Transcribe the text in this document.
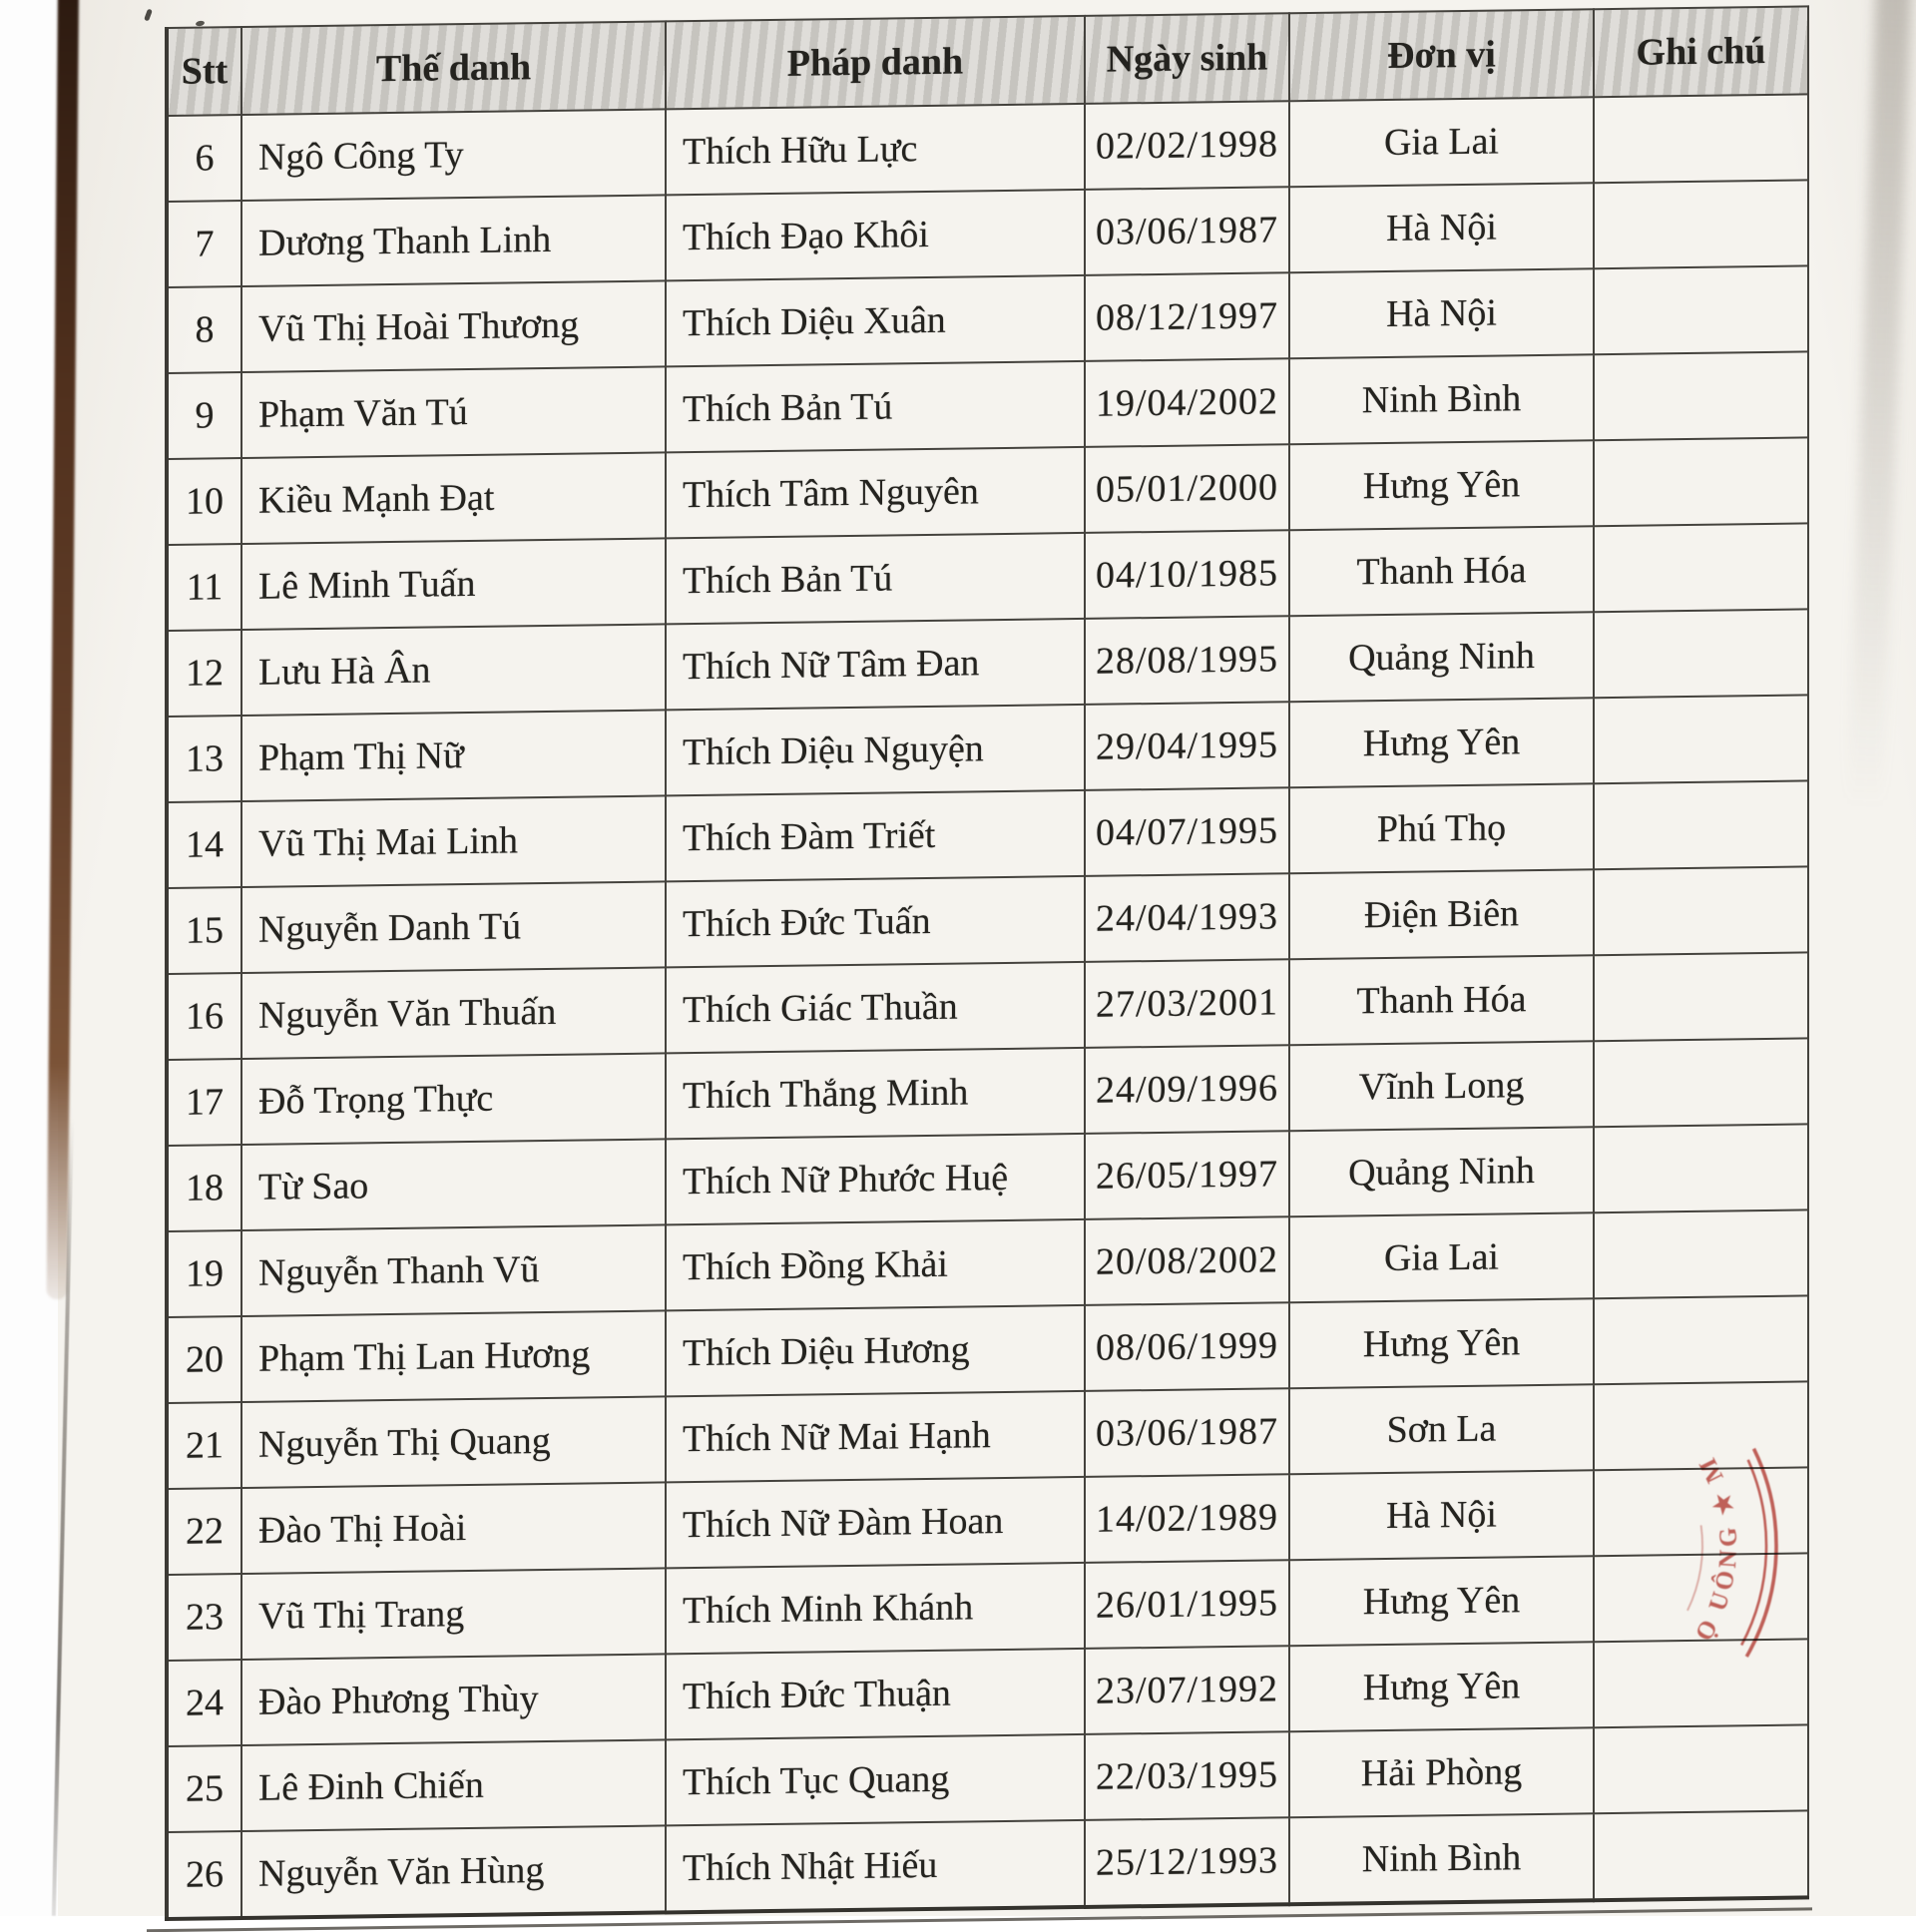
Stt	Thế danh	Pháp danh	Ngày sinh	Đơn vị	Ghi chú
6	Ngô Công Ty	Thích Hữu Lực	02/02/1998	Gia Lai	
7	Dương Thanh Linh	Thích Đạo Khôi	03/06/1987	Hà Nội	
8	Vũ Thị Hoài Thương	Thích Diệu Xuân	08/12/1997	Hà Nội	
9	Phạm Văn Tú	Thích Bản Tú	19/04/2002	Ninh Bình	
10	Kiều Mạnh Đạt	Thích Tâm Nguyên	05/01/2000	Hưng Yên	
11	Lê Minh Tuấn	Thích Bản Tú	04/10/1985	Thanh Hóa	
12	Lưu Hà Ân	Thích Nữ Tâm Đan	28/08/1995	Quảng Ninh	
13	Phạm Thị Nữ	Thích Diệu Nguyện	29/04/1995	Hưng Yên	
14	Vũ Thị Mai Linh	Thích Đàm Triết	04/07/1995	Phú Thọ	
15	Nguyễn Danh Tú	Thích Đức Tuấn	24/04/1993	Điện Biên	
16	Nguyễn Văn Thuấn	Thích Giác Thuần	27/03/2001	Thanh Hóa	
17	Đỗ Trọng Thực	Thích Thắng Minh	24/09/1996	Vĩnh Long	
18	Từ Sao	Thích Nữ Phước Huệ	26/05/1997	Quảng Ninh	
19	Nguyễn Thanh Vũ	Thích Đồng Khải	20/08/2002	Gia Lai	
20	Phạm Thị Lan Hương	Thích Diệu Hương	08/06/1999	Hưng Yên	
21	Nguyễn Thị Quang	Thích Nữ Mai Hạnh	03/06/1987	Sơn La	
22	Đào Thị Hoài	Thích Nữ Đàm Hoan	14/02/1989	Hà Nội	
23	Vũ Thị Trang	Thích Minh Khánh	26/01/1995	Hưng Yên	
24	Đào Phương Thùy	Thích Đức Thuận	23/07/1992	Hưng Yên	
25	Lê Đinh Chiến	Thích Tục Quang	22/03/1995	Hải Phòng	
26	Nguyễn Văn Hùng	Thích Nhật Hiếu	25/12/1993	Ninh Bình	
Ọ UÔNG ★ M
